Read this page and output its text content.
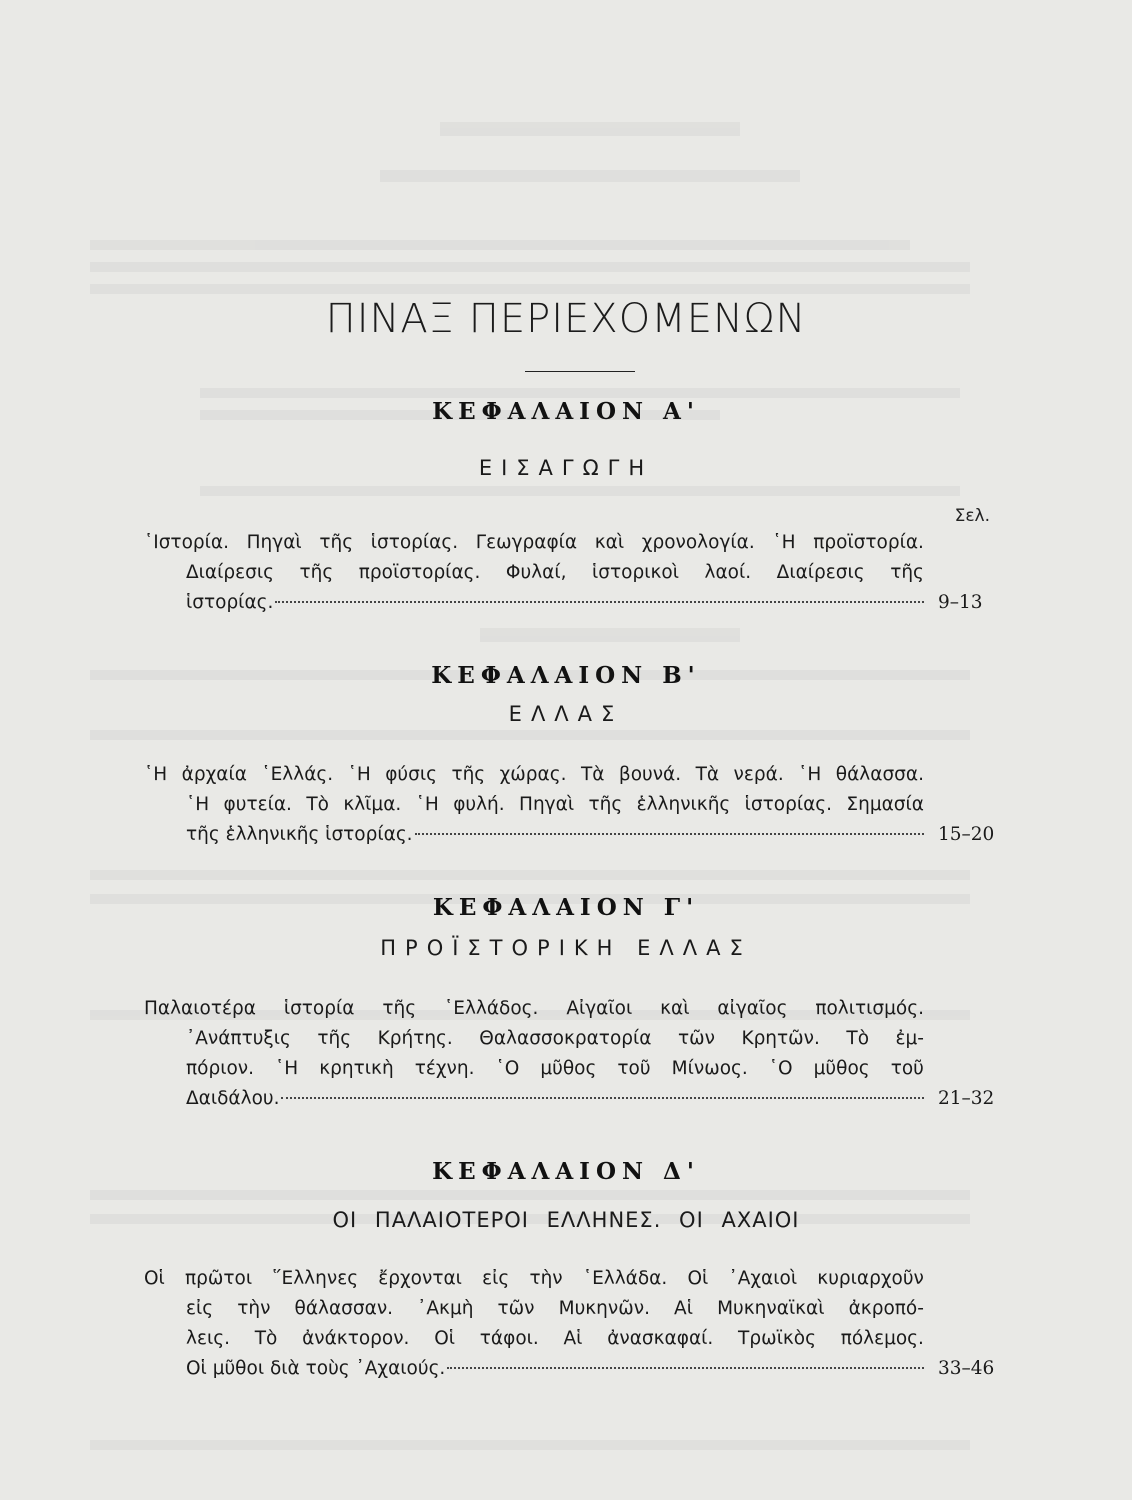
ΠΙΝΑΞ ΠΕΡΙΕΧΟΜΕΝΩΝ
ΚΕΦΑΛΑΙΟΝ Α'
ΕΙΣΑΓΩΓΗ
Σελ.
῾Ιστορία. Πηγαὶ τῆς ἱστορίας. Γεωγραφία καὶ χρονολογία. ῾Η προϊστορία.
Διαίρεσις τῆς προϊστορίας. Φυλαί, ἱστορικοὶ λαοί. Διαίρεσις τῆς
ἱστορίας.	9–13
ΚΕΦΑΛΑΙΟΝ Β'
ΕΛΛΑΣ
῾Η ἀρχαία ῾Ελλάς. ῾Η φύσις τῆς χώρας. Τὰ βουνά. Τὰ νερά. ῾Η θάλασσα.
῾Η φυτεία. Τὸ κλῖμα. ῾Η φυλή. Πηγαὶ τῆς ἑλληνικῆς ἱστορίας. Σημασία
τῆς ἑλληνικῆς ἱστορίας.	15–20
ΚΕΦΑΛΑΙΟΝ Γ'
ΠΡΟΪΣΤΟΡΙΚΗ ΕΛΛΑΣ
Παλαιοτέρα ἱστορία τῆς ῾Ελλάδος. Αἰγαῖοι καὶ αἰγαῖος πολιτισμός.
᾿Ανάπτυξις τῆς Κρήτης. Θαλασσοκρατορία τῶν Κρητῶν. Τὸ ἐμ-
πόριον. ῾Η κρητικὴ τέχνη. ῾Ο μῦθος τοῦ Μίνωος. ῾Ο μῦθος τοῦ
Δαιδάλου.	21–32
ΚΕΦΑΛΑΙΟΝ Δ'
ΟΙ ΠΑΛΑΙΟΤΕΡΟΙ ΕΛΛΗΝΕΣ. ΟΙ ΑΧΑΙΟΙ
Οἱ πρῶτοι ῞Ελληνες ἔρχονται εἰς τὴν ῾Ελλάδα. Οἱ ᾿Αχαιοὶ κυριαρχοῦν
εἰς τὴν θάλασσαν. ᾿Ακμὴ τῶν Μυκηνῶν. Αἱ Μυκηναϊκαὶ ἀκροπό-
λεις. Τὸ ἀνάκτορον. Οἱ τάφοι. Αἱ ἀνασκαφαί. Τρωϊκὸς πόλεμος.
Οἱ μῦθοι διὰ τοὺς ᾿Αχαιούς.	33–46
